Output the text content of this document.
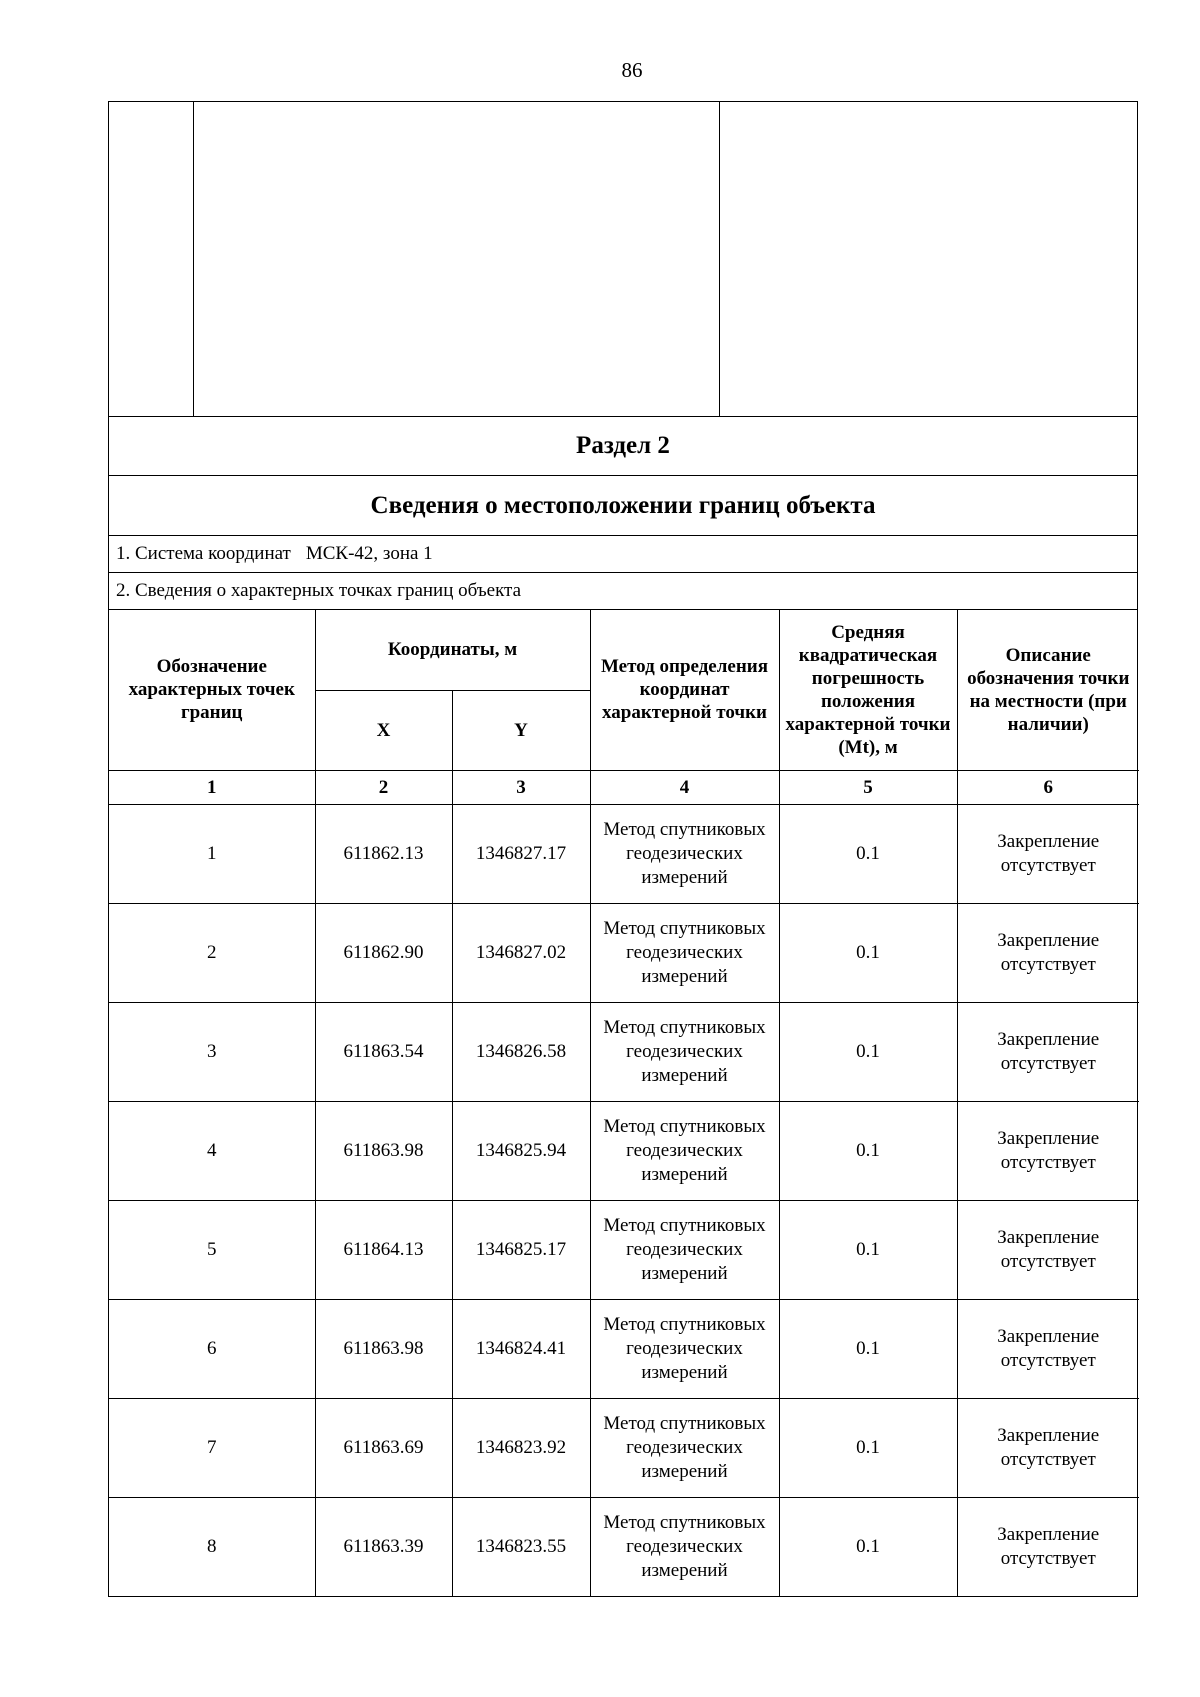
86
Раздел 2
Сведения о местоположении границ объекта
1. Система координат МСК-42, зона 1
2. Сведения о характерных точках границ объекта
Обозначение характерных точек границ	Координаты, м		Метод определения координат характерной точки	Средняя квадратическая погрешность положения характерной точки (Mt), м	Описание обозначения точки на местности (при наличии)
	X	Y			
1	2	3	4	5	6
1	611862.13	1346827.17	Метод спутниковых геодезических измерений	0.1	Закрепление отсутствует
2	611862.90	1346827.02	Метод спутниковых геодезических измерений	0.1	Закрепление отсутствует
3	611863.54	1346826.58	Метод спутниковых геодезических измерений	0.1	Закрепление отсутствует
4	611863.98	1346825.94	Метод спутниковых геодезических измерений	0.1	Закрепление отсутствует
5	611864.13	1346825.17	Метод спутниковых геодезических измерений	0.1	Закрепление отсутствует
6	611863.98	1346824.41	Метод спутниковых геодезических измерений	0.1	Закрепление отсутствует
7	611863.69	1346823.92	Метод спутниковых геодезических измерений	0.1	Закрепление отсутствует
8	611863.39	1346823.55	Метод спутниковых геодезических измерений	0.1	Закрепление отсутствует
